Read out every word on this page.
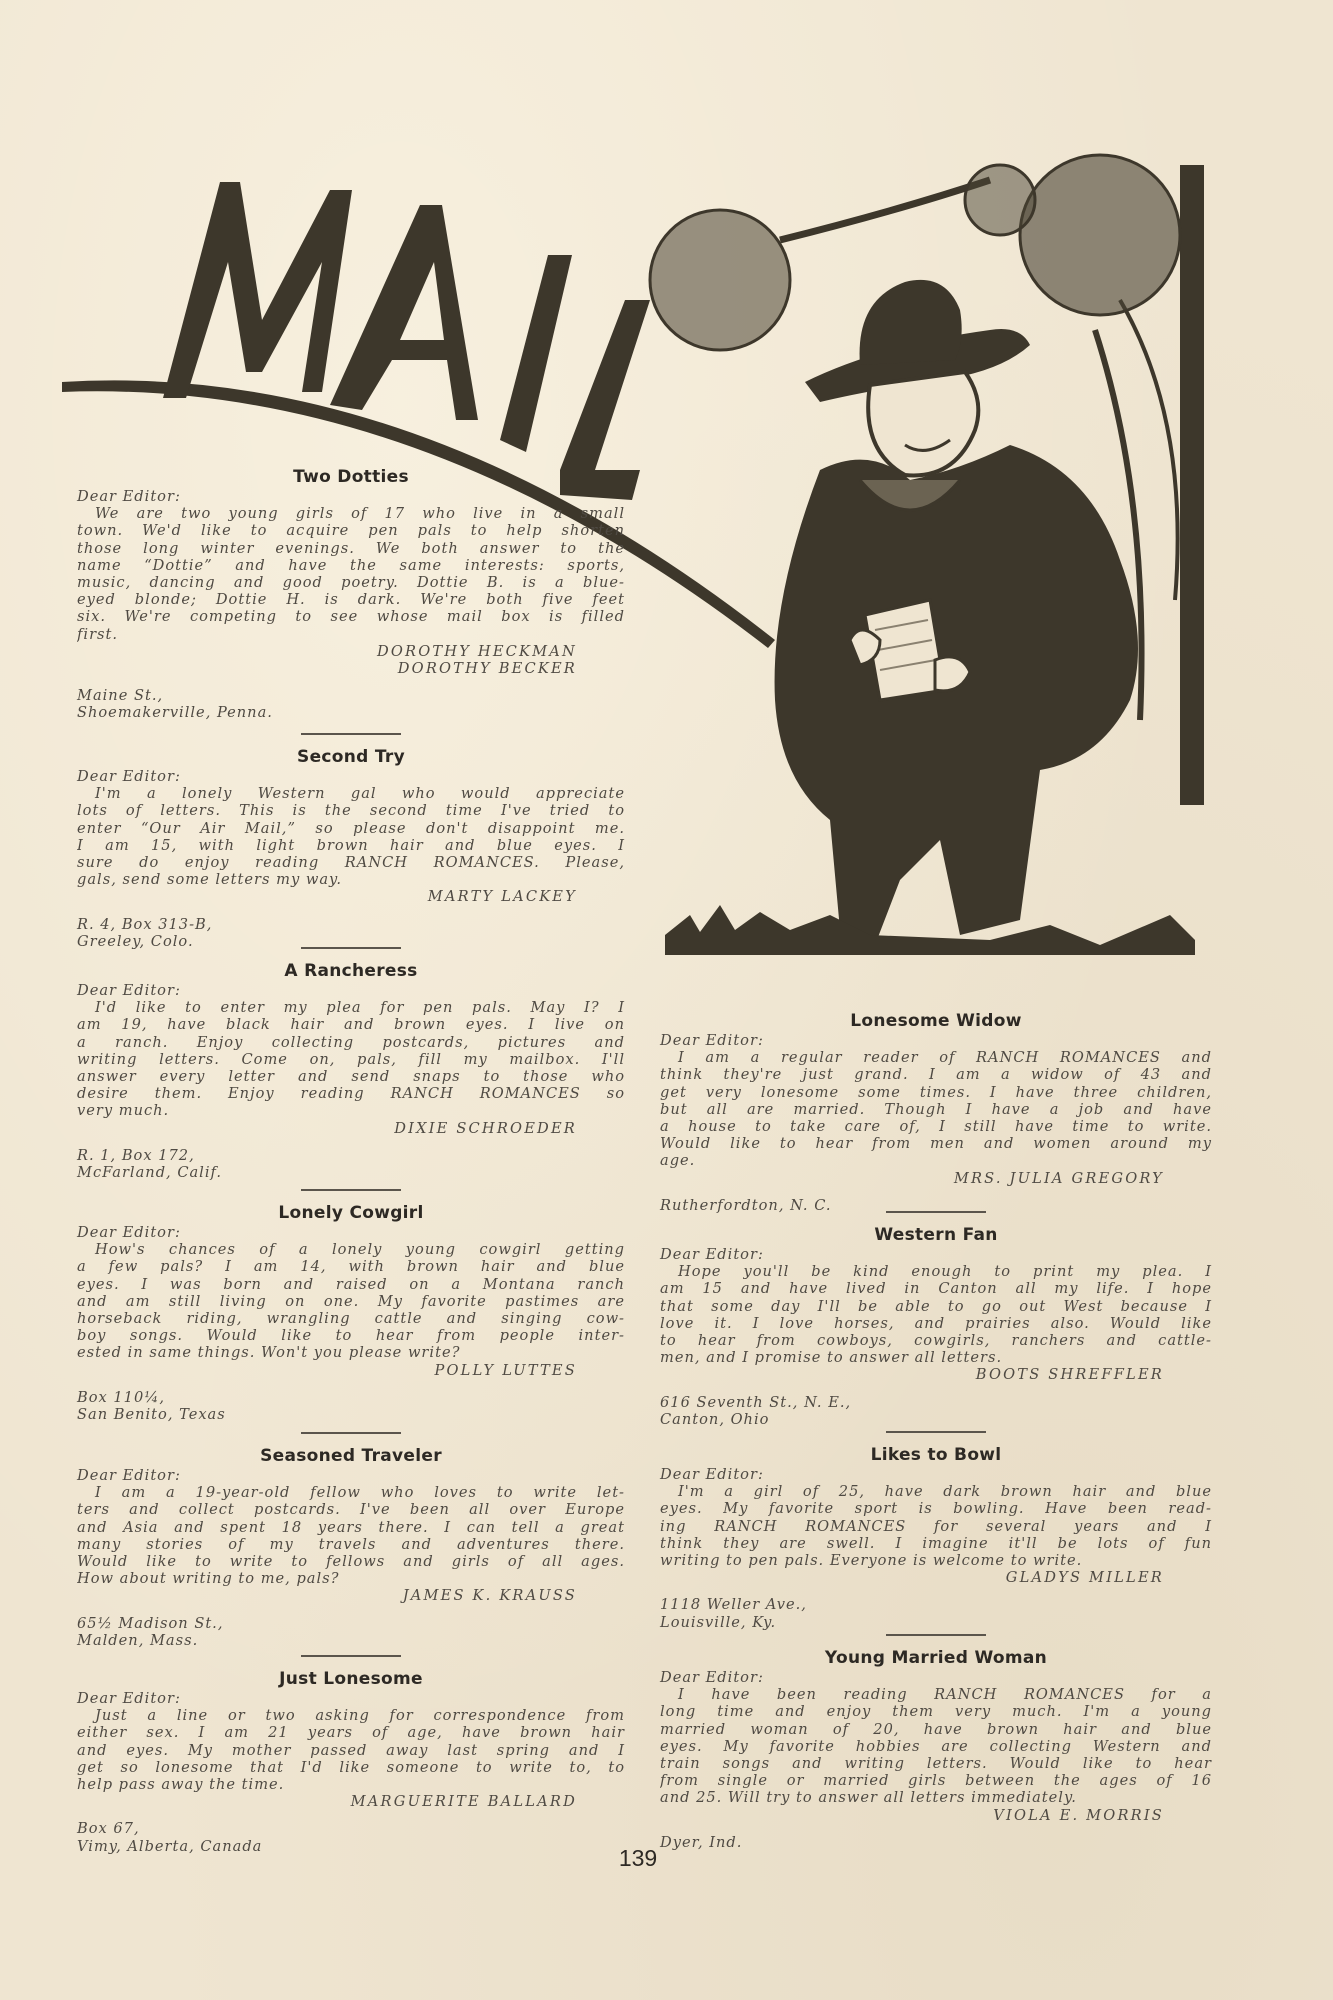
Two Dotties
Dear Editor:
We are two young girls of 17 who live in a small
town. We'd like to acquire pen pals to help shorten
those long winter evenings. We both answer to the
name “Dottie” and have the same interests: sports,
music, dancing and good poetry. Dottie B. is a blue-
eyed blonde; Dottie H. is dark. We're both five feet
six. We're competing to see whose mail box is filled
first.
DOROTHY HECKMAN
DOROTHY BECKER
Maine St.,
Shoemakerville, Penna.
Second Try
Dear Editor:
I'm a lonely Western gal who would appreciate
lots of letters. This is the second time I've tried to
enter “Our Air Mail,” so please don't disappoint me.
I am 15, with light brown hair and blue eyes. I
sure do enjoy reading RANCH ROMANCES. Please,
gals, send some letters my way.
MARTY LACKEY
R. 4, Box 313-B,
Greeley, Colo.
A Rancheress
Dear Editor:
I'd like to enter my plea for pen pals. May I? I
am 19, have black hair and brown eyes. I live on
a ranch. Enjoy collecting postcards, pictures and
writing letters. Come on, pals, fill my mailbox. I'll
answer every letter and send snaps to those who
desire them. Enjoy reading RANCH ROMANCES so
very much.
DIXIE SCHROEDER
R. 1, Box 172,
McFarland, Calif.
Lonely Cowgirl
Dear Editor:
How's chances of a lonely young cowgirl getting
a few pals? I am 14, with brown hair and blue
eyes. I was born and raised on a Montana ranch
and am still living on one. My favorite pastimes are
horseback riding, wrangling cattle and singing cow-
boy songs. Would like to hear from people inter-
ested in same things. Won't you please write?
POLLY LUTTES
Box 110¼,
San Benito, Texas
Seasoned Traveler
Dear Editor:
I am a 19-year-old fellow who loves to write let-
ters and collect postcards. I've been all over Europe
and Asia and spent 18 years there. I can tell a great
many stories of my travels and adventures there.
Would like to write to fellows and girls of all ages.
How about writing to me, pals?
JAMES K. KRAUSS
65½ Madison St.,
Malden, Mass.
Just Lonesome
Dear Editor:
Just a line or two asking for correspondence from
either sex. I am 21 years of age, have brown hair
and eyes. My mother passed away last spring and I
get so lonesome that I'd like someone to write to, to
help pass away the time.
MARGUERITE BALLARD
Box 67,
Vimy, Alberta, Canada
Lonesome Widow
Dear Editor:
I am a regular reader of RANCH ROMANCES and
think they're just grand. I am a widow of 43 and
get very lonesome some times. I have three children,
but all are married. Though I have a job and have
a house to take care of, I still have time to write.
Would like to hear from men and women around my
age.
MRS. JULIA GREGORY
Rutherfordton, N. C.
Western Fan
Dear Editor:
Hope you'll be kind enough to print my plea. I
am 15 and have lived in Canton all my life. I hope
that some day I'll be able to go out West because I
love it. I love horses, and prairies also. Would like
to hear from cowboys, cowgirls, ranchers and cattle-
men, and I promise to answer all letters.
BOOTS SHREFFLER
616 Seventh St., N. E.,
Canton, Ohio
Likes to Bowl
Dear Editor:
I'm a girl of 25, have dark brown hair and blue
eyes. My favorite sport is bowling. Have been read-
ing RANCH ROMANCES for several years and I
think they are swell. I imagine it'll be lots of fun
writing to pen pals. Everyone is welcome to write.
GLADYS MILLER
1118 Weller Ave.,
Louisville, Ky.
Young Married Woman
Dear Editor:
I have been reading RANCH ROMANCES for a
long time and enjoy them very much. I'm a young
married woman of 20, have brown hair and blue
eyes. My favorite hobbies are collecting Western and
train songs and writing letters. Would like to hear
from single or married girls between the ages of 16
and 25. Will try to answer all letters immediately.
VIOLA E. MORRIS
Dyer, Ind.
139
